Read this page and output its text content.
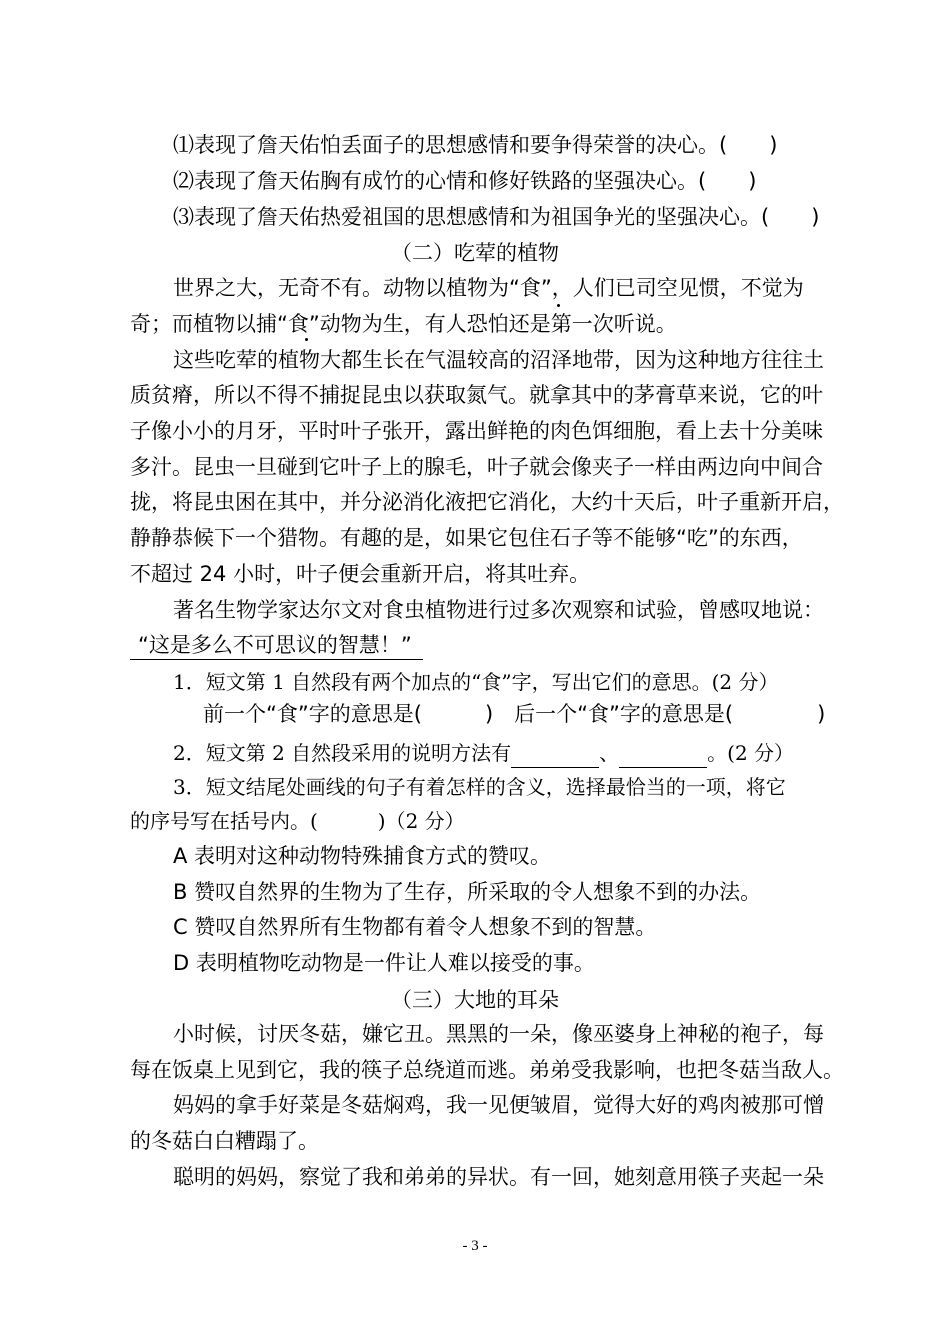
⑴表现了詹天佑怕丢面子的思想感情和要争得荣誉的决心。(　　)
⑵表现了詹天佑胸有成竹的心情和修好铁路的坚强决心。(　　)
⑶表现了詹天佑热爱祖国的思想感情和为祖国争光的坚强决心。(　　)
（二）吃荤的植物
世界之大，无奇不有。动物以植物为“食”，人们已司空见惯，不觉为
奇；而植物以捕“食”动物为生，有人恐怕还是第一次听说。
这些吃荤的植物大都生长在气温较高的沼泽地带，因为这种地方往往土
质贫瘠，所以不得不捕捉昆虫以获取氮气。就拿其中的茅膏草来说，它的叶
子像小小的月牙，平时叶子张开，露出鲜艳的肉色饵细胞，看上去十分美味
多汁。昆虫一旦碰到它叶子上的腺毛，叶子就会像夹子一样由两边向中间合
拢，将昆虫困在其中，并分泌消化液把它消化，大约十天后，叶子重新开启，
静静恭候下一个猎物。有趣的是，如果它包住石子等不能够“吃”的东西，
不超过 24 小时，叶子便会重新开启，将其吐弃。
著名生物学家达尔文对食虫植物进行过多次观察和试验，曾感叹地说：
“这是多么不可思议的智慧！”
1．短文第 1 自然段有两个加点的“食”字，写出它们的意思。(2 分）
前一个“食”字的意思是(　　　)　后一个“食”字的意思是(　　　　)
2．短文第 2 自然段采用的说明方法有	、	。(2 分）
3．短文结尾处画线的句子有着怎样的含义，选择最恰当的一项，将它
的序号写在括号内。(　　　)（2 分）
A 表明对这种动物特殊捕食方式的赞叹。
B 赞叹自然界的生物为了生存，所采取的令人想象不到的办法。
C 赞叹自然界所有生物都有着令人想象不到的智慧。
D 表明植物吃动物是一件让人难以接受的事。
（三）大地的耳朵
小时候，讨厌冬菇，嫌它丑。黑黑的一朵，像巫婆身上神秘的袍子，每
每在饭桌上见到它，我的筷子总绕道而逃。弟弟受我影响，也把冬菇当敌人。
妈妈的拿手好菜是冬菇焖鸡，我一见便皱眉，觉得大好的鸡肉被那可憎
的冬菇白白糟蹋了。
聪明的妈妈，察觉了我和弟弟的异状。有一回，她刻意用筷子夹起一朵
- 3 -
